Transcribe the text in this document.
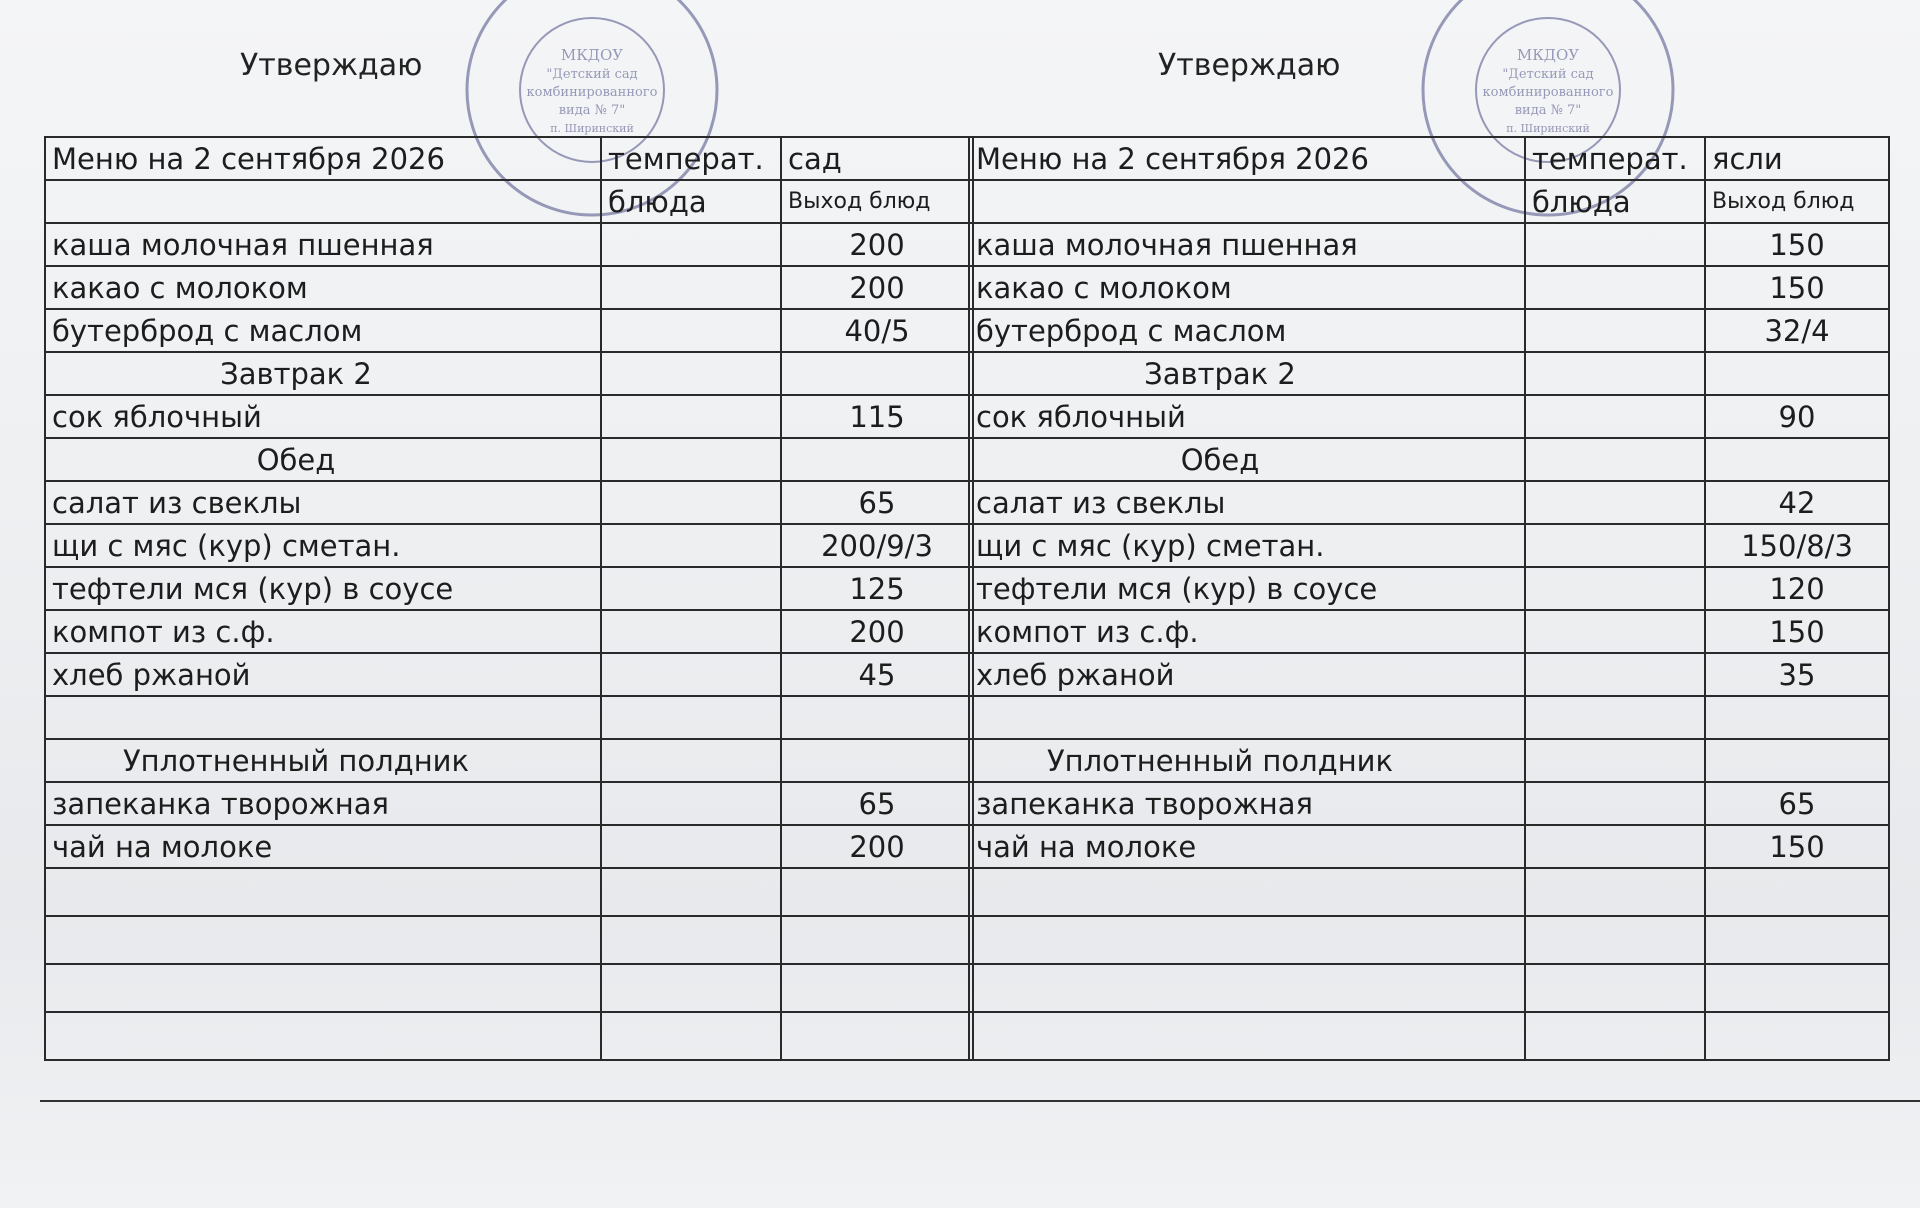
Утверждаю	МКДОУ
"Детский сад
комбинированного
вида № 7"
п. Ширинский
Утверждаю	МКДОУ
"Детский сад
комбинированного
вида № 7"
п. Ширинский
Меню на 2 сентября 2026	температ.	сад
	блюда	Выход блюд
каша молочная пшенная		200
какао с молоком		200
бутерброд с маслом		40/5
Завтрак 2		
сок яблочный		115
Обед		
салат из свеклы		65
щи с мяс (кур) сметан.		200/9/3
тефтели мся (кур) в соусе		125
компот из с.ф.		200
хлеб ржаной		45

Уплотненный полдник		
запеканка творожная		65
чай на молоке		200

Меню на 2 сентября 2026	температ.	ясли
	блюда	Выход блюд
каша молочная пшенная		150
какао с молоком		150
бутерброд с маслом		32/4
Завтрак 2		
сок яблочный		90
Обед		
салат из свеклы		42
щи с мяс (кур) сметан.		150/8/3
тефтели мся (кур) в соусе		120
компот из с.ф.		150
хлеб ржаной		35

Уплотненный полдник		
запеканка творожная		65
чай на молоке		150
